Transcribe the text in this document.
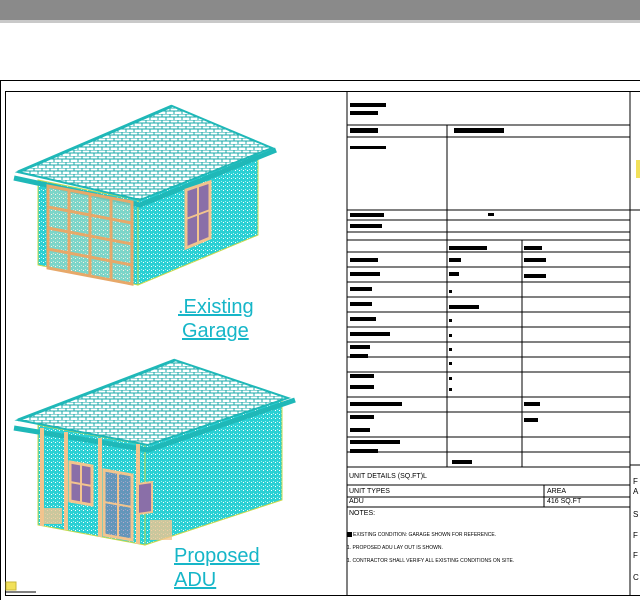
F
A
S
F
F
C
.Existing
Garage
Proposed
ADU
UNIT DETAILS (SQ.FT)L
UNIT TYPES	AREA
ADU	416 SQ.FT
NOTES:
EXISTING CONDITION: GARAGE SHOWN FOR REFERENCE.
1. PROPOSED ADU LAY OUT IS SHOWN.
1. CONTRACTOR SHALL VERIFY ALL EXISTING CONDITIONS ON SITE.
